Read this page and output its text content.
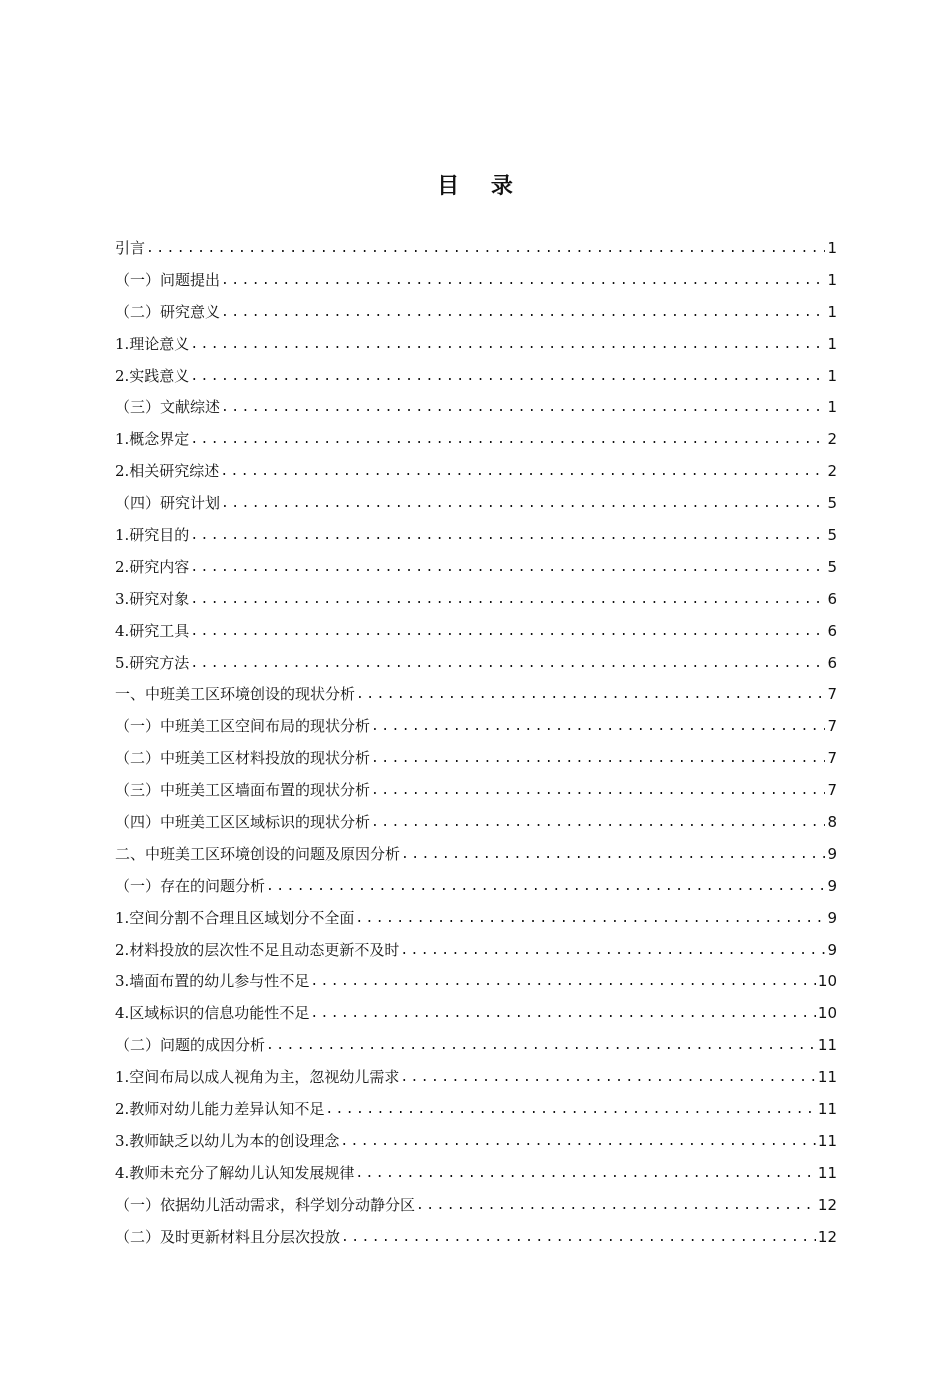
目 录
引言 .....	1
（一）问题提出 .....	1
（二）研究意义 .....	1
1.理论意义 .....	1
2.实践意义 .....	1
（三）文献综述 .....	1
1.概念界定 .....	2
2.相关研究综述 .....	2
（四）研究计划 .....	5
1.研究目的 .....	5
2.研究内容 .....	5
3.研究对象 .....	6
4.研究工具 .....	6
5.研究方法 .....	6
一、中班美工区环境创设的现状分析 .....	7
（一）中班美工区空间布局的现状分析 .....	7
（二）中班美工区材料投放的现状分析 .....	7
（三）中班美工区墙面布置的现状分析 .....	7
（四）中班美工区区域标识的现状分析 .....	8
二、中班美工区环境创设的问题及原因分析 .....	9
（一）存在的问题分析 .....	9
1.空间分割不合理且区域划分不全面 .....	9
2.材料投放的层次性不足且动态更新不及时 .....	9
3.墙面布置的幼儿参与性不足 .....	10
4.区域标识的信息功能性不足 .....	10
（二）问题的成因分析 .....	11
1.空间布局以成人视角为主，忽视幼儿需求 .....	11
2.教师对幼儿能力差异认知不足 .....	11
3.教师缺乏以幼儿为本的创设理念 .....	11
4.教师未充分了解幼儿认知发展规律 .....	11
（一）依据幼儿活动需求，科学划分动静分区 .....	12
（二）及时更新材料且分层次投放 .....	12
